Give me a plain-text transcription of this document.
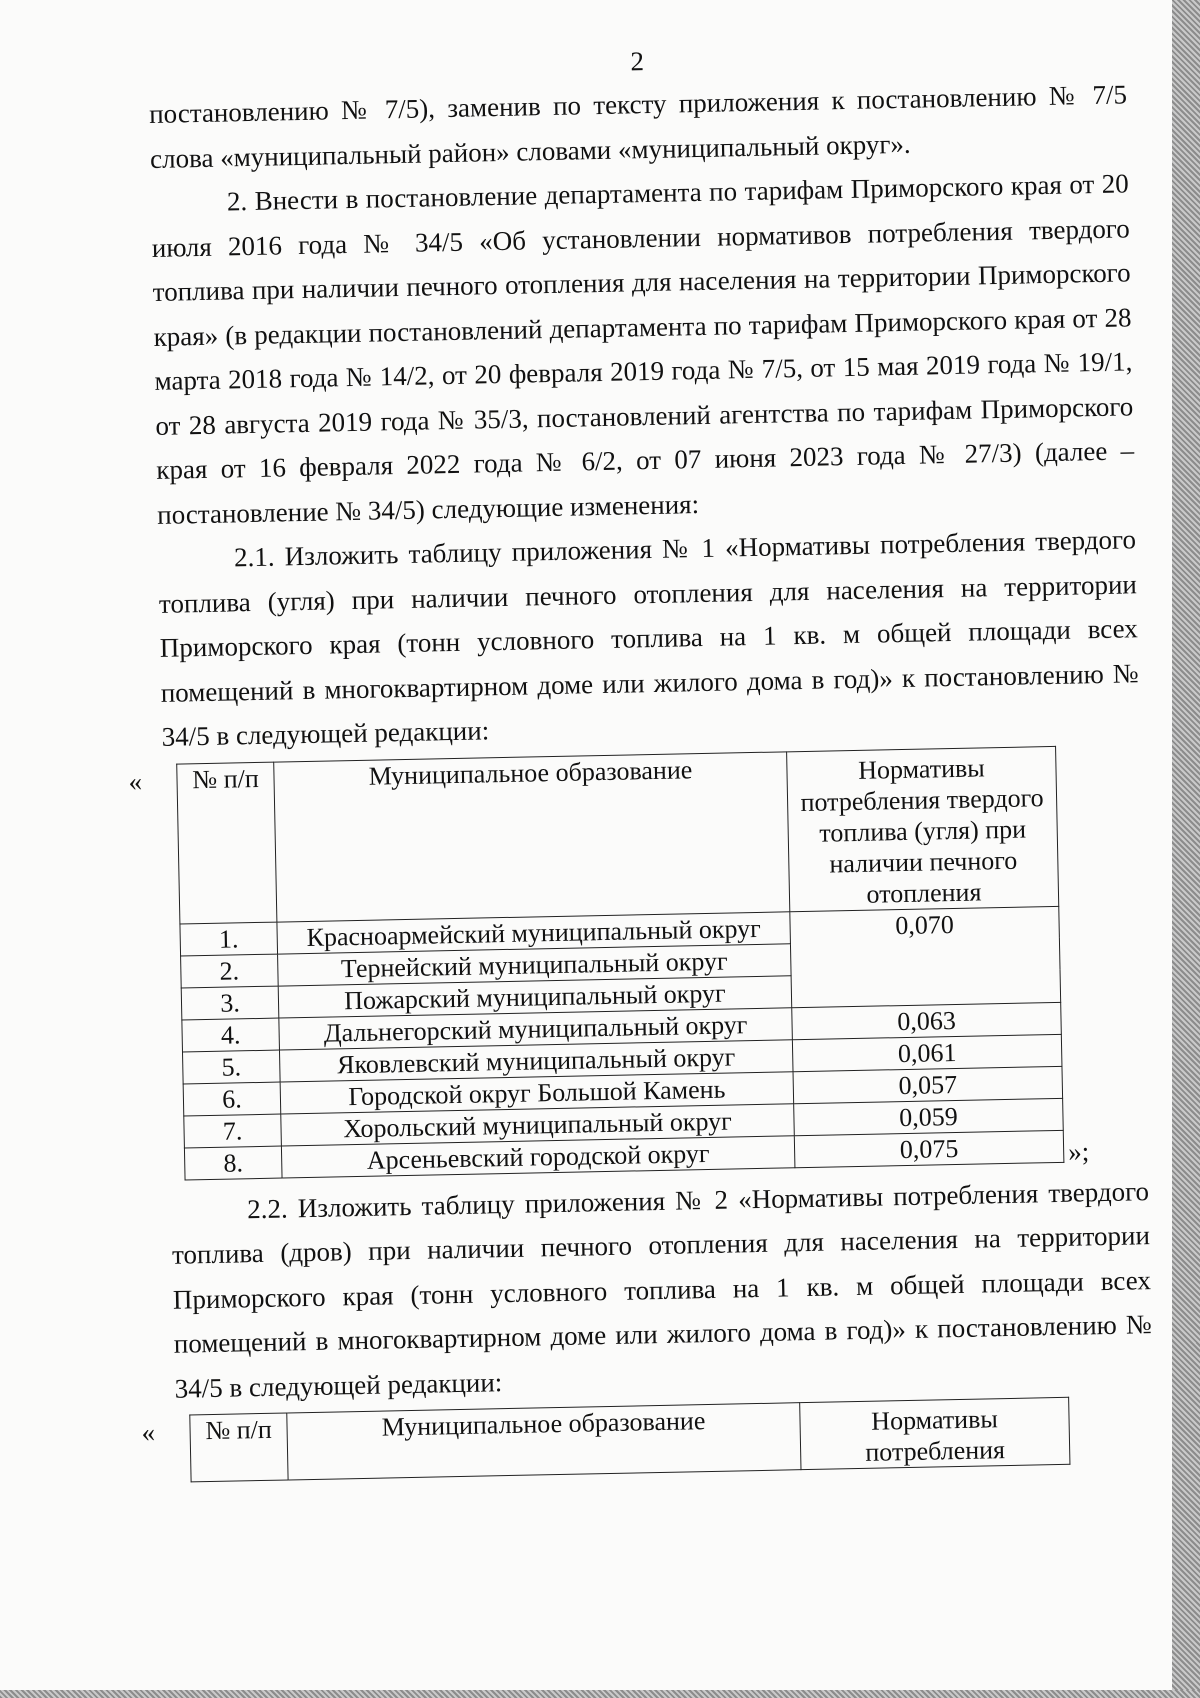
2

постановлению № 7/5), заменив по тексту приложения к постановлению № 7/5 слова «муниципальный район» словами «муниципальный округ».

2. Внести в постановление департамента по тарифам Приморского края от 20 июля 2016 года № 34/5 «Об установлении нормативов потребления твердого топлива при наличии печного отопления для населения на территории Приморского края» (в редакции постановлений департамента по тарифам Приморского края от 28 марта 2018 года № 14/2, от 20 февраля 2019 года № 7/5, от 15 мая 2019 года № 19/1, от 28 августа 2019 года № 35/3, постановлений агентства по тарифам Приморского края от 16 февраля 2022 года № 6/2, от 07 июня 2023 года № 27/3) (далее – постановление № 34/5) следующие изменения:

2.1. Изложить таблицу приложения № 1 «Нормативы потребления твердого топлива (угля) при наличии печного отопления для населения на территории Приморского края (тонн условного топлива на 1 кв. м общей площади всех помещений в многоквартирном доме или жилого дома в год)» к постановлению № 34/5 в следующей редакции:

« № п/п	Муниципальное образование	Нормативы потребления твердого топлива (угля) при наличии печного отопления
1.	Красноармейский муниципальный округ	0,070
2.	Тернейский муниципальный округ	
3.	Пожарский муниципальный округ	
4.	Дальнегорский муниципальный округ	0,063
5.	Яковлевский муниципальный округ	0,061
6.	Городской округ Большой Камень	0,057
7.	Хорольский муниципальный округ	0,059
8.	Арсеньевский городской округ	0,075	»;

2.2. Изложить таблицу приложения № 2 «Нормативы потребления твердого топлива (дров) при наличии печного отопления для населения на территории Приморского края (тонн условного топлива на 1 кв. м общей площади всех помещений в многоквартирном доме или жилого дома в год)» к постановлению № 34/5 в следующей редакции:

« № п/п	Муниципальное образование	Нормативы потребления
